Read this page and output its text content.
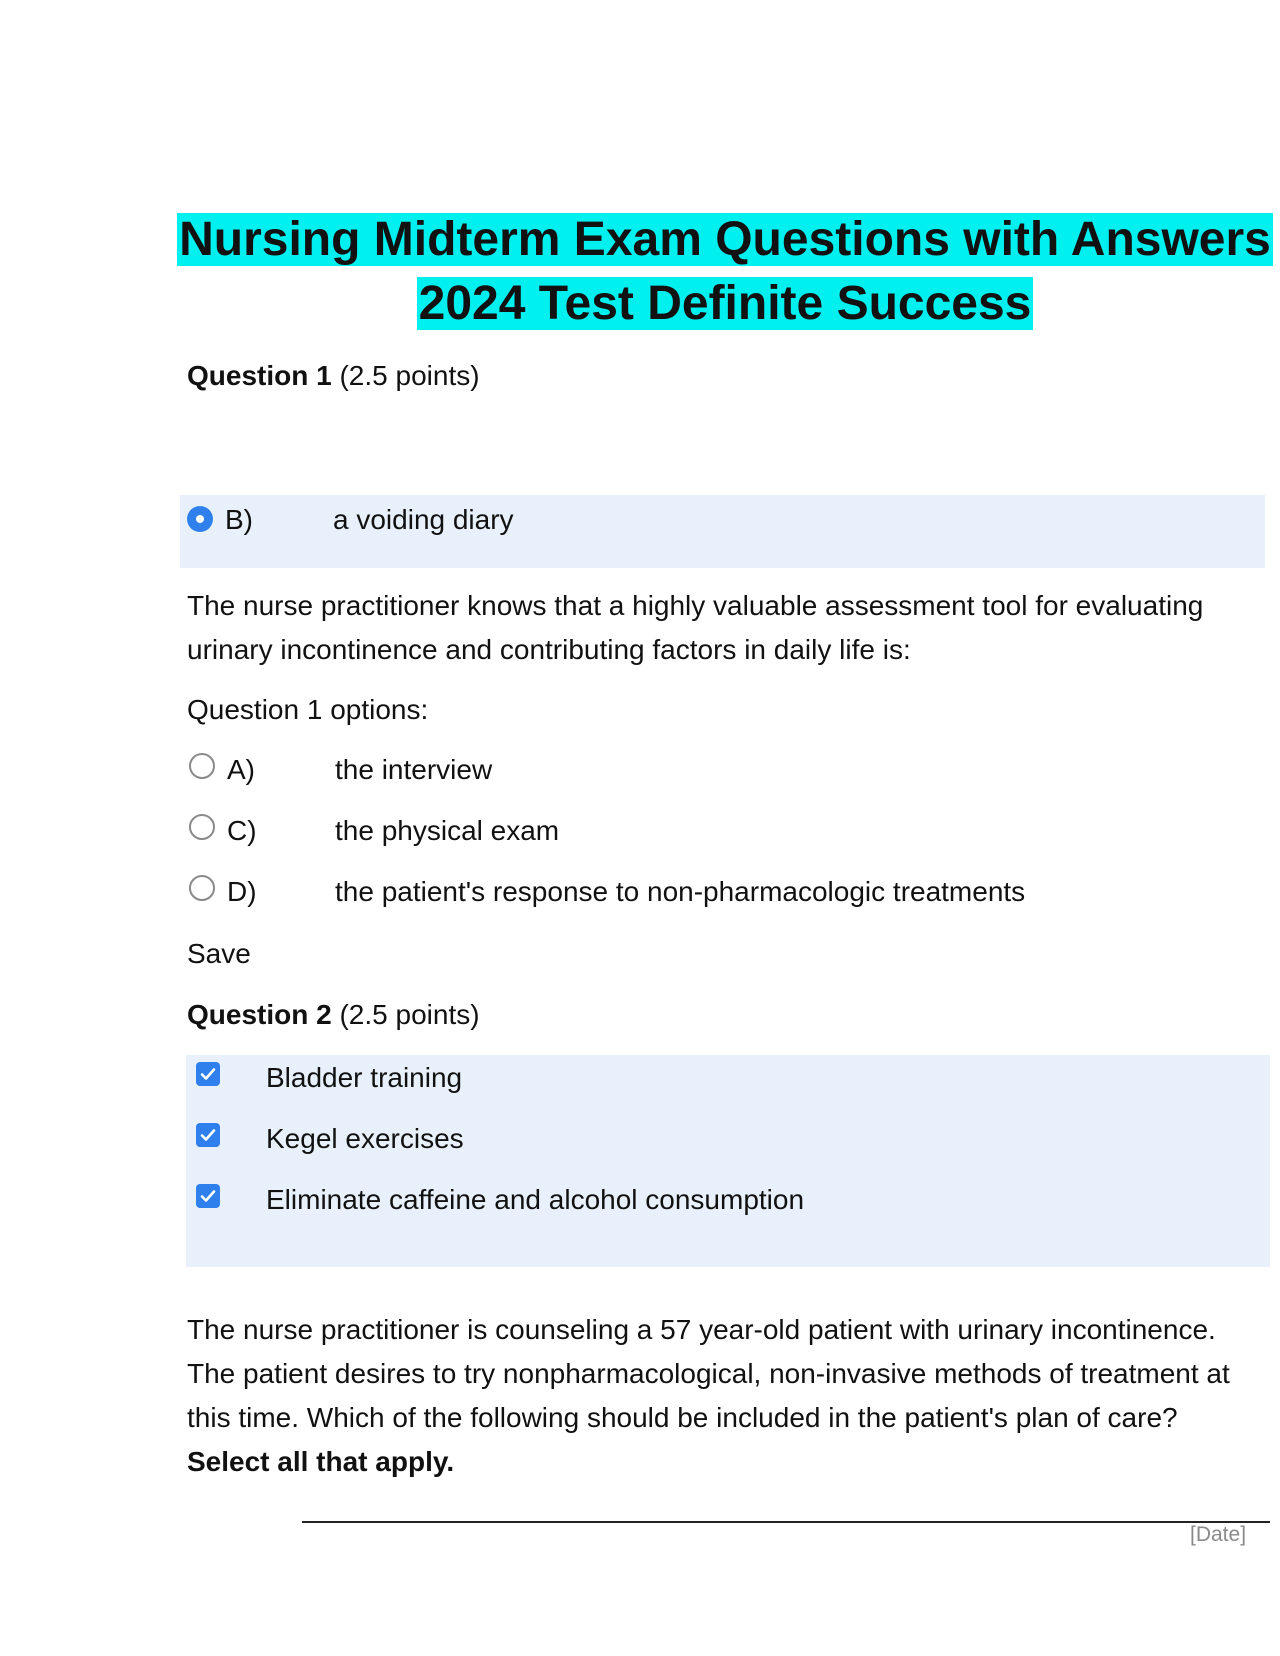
Nursing Midterm Exam Questions with Answers
2024 Test Definite Success
Question 1 (2.5 points)
B)	a voiding diary

The nurse practitioner knows that a highly valuable assessment tool for evaluating urinary incontinence and contributing factors in daily life is:

Question 1 options:
A)	the interview
C)	the physical exam
D)	the patient's response to non-pharmacologic treatments
Save
Question 2 (2.5 points)
Bladder training
Kegel exercises
Eliminate caffeine and alcohol consumption

The nurse practitioner is counseling a 57 year-old patient with urinary incontinence. The patient desires to try nonpharmacological, non-invasive methods of treatment at this time. Which of the following should be included in the patient's plan of care? Select all that apply.

[Date]
